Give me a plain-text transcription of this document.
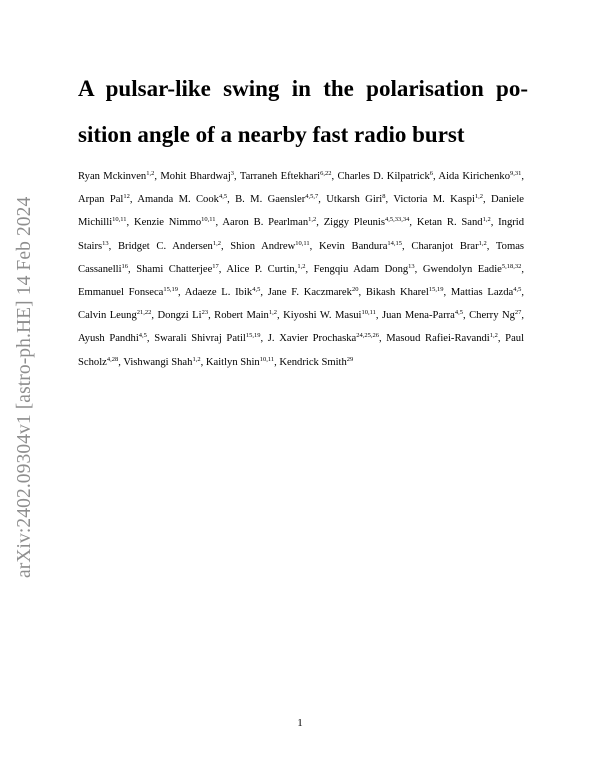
arXiv:2402.09304v1 [astro-ph.HE] 14 Feb 2024
A pulsar-like swing in the polarisation po-sition angle of a nearby fast radio burst

Ryan Mckinven$^{1,2}$, Mohit Bhardwaj$^3$, Tarraneh Eftekhari$^{6,22}$, Charles D. Kilpatrick$^6$, Aida Kirichenko$^{9,31}$, Arpan Pal$^{12}$, Amanda M. Cook$^{4,5}$, B. M. Gaensler$^{4,5,7}$, Utkarsh Giri$^8$, Victoria M. Kaspi$^{1,2}$, Daniele Michilli$^{10,11}$, Kenzie Nimmo$^{10,11}$, Aaron B. Pearlman$^{1,2}$, Ziggy Pleunis$^{4,5,33,34}$, Ketan R. Sand$^{1,2}$, Ingrid Stairs$^{13}$, Bridget C. Andersen$^{1,2}$, Shion Andrew$^{10,11}$, Kevin Bandura$^{14,15}$, Charanjot Brar$^{1,2}$, Tomas Cassanelli$^{16}$, Shami Chatterjee$^{17}$, Alice P. Curtin,$^{1,2}$, Fengqiu Adam Dong$^{13}$, Gwendolyn Eadie$^{5,18,32}$, Emmanuel Fonseca$^{15,19}$, Adaeze L. Ibik$^{4,5}$, Jane F. Kaczmarek$^{20}$, Bikash Kharel$^{15,19}$, Mattias Lazda$^{4,5}$, Calvin Leung$^{21,22}$, Dongzi Li$^{23}$, Robert Main$^{1,2}$, Kiyoshi W. Masui$^{10,11}$, Juan Mena-Parra$^{4,5}$, Cherry Ng$^{27}$, Ayush Pandhi$^{4,5}$, Swarali Shivraj Patil$^{15,19}$, J. Xavier Prochaska$^{24,25,26}$, Masoud Rafiei-Ravandi$^{1,2}$, Paul Scholz$^{4,28}$, Vishwangi Shah$^{1,2}$, Kaitlyn Shin$^{10,11}$, Kendrick Smith$^{29}$

1
